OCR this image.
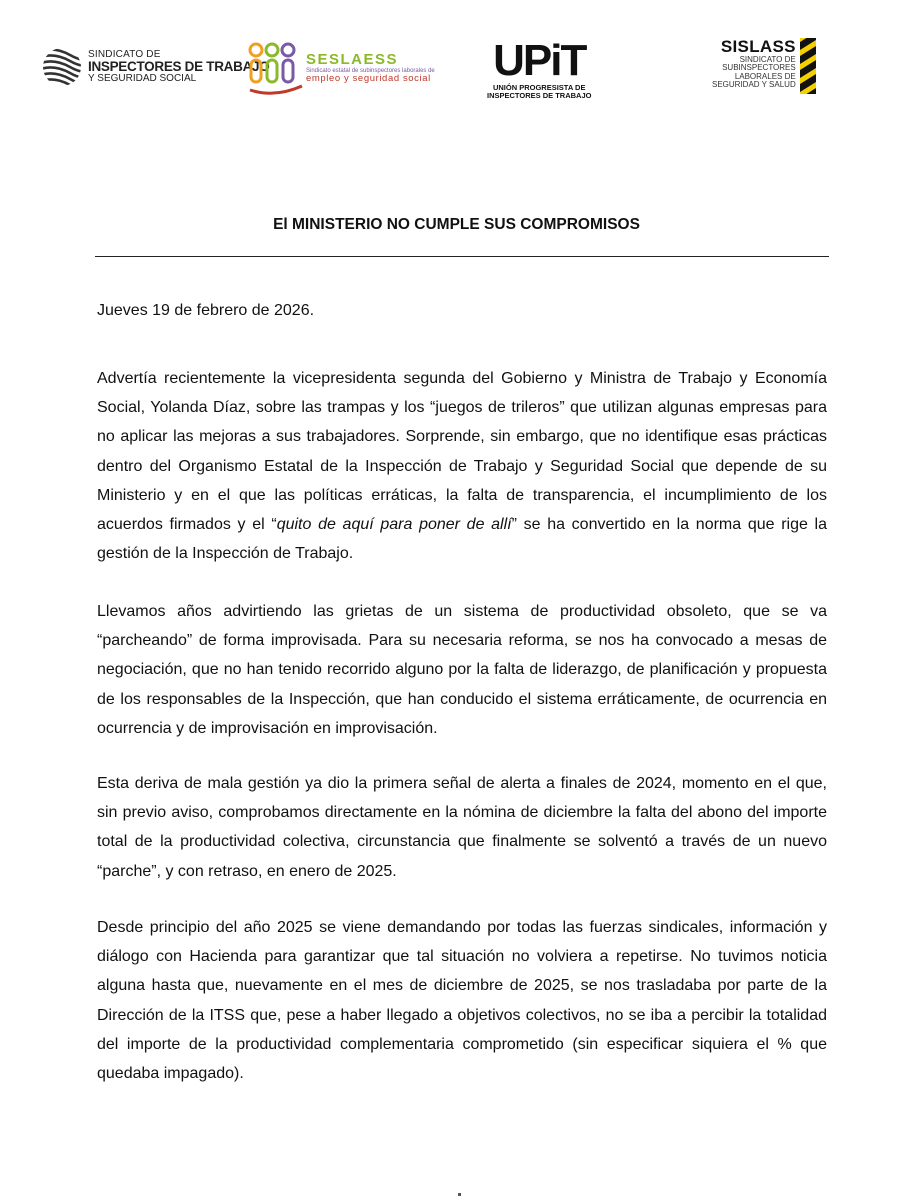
SINDICATO DE
INSPECTORES DE TRABAJO
Y SEGURIDAD SOCIAL
SESLAESS
Sindicato estatal de subinspectores laborales de
empleo y seguridad social UPiT
UNIÓN PROGRESISTA DE
INSPECTORES DE TRABAJO
SISLASS
SINDICATO DE
SUBINSPECTORES
LABORALES DE
SEGURIDAD Y SALUD
El MINISTERIO NO CUMPLE SUS COMPROMISOS

Jueves 19 de febrero de 2026.

Advertía recientemente la vicepresidenta segunda del Gobierno y Ministra de Trabajo y Economía Social, Yolanda Díaz, sobre las trampas y los “juegos de trileros” que utilizan algunas empresas para no aplicar las mejoras a sus trabajadores. Sorprende, sin embargo, que no identifique esas prácticas dentro del Organismo Estatal de la Inspección de Trabajo y Seguridad Social que depende de su Ministerio y en el que las políticas erráticas, la falta de transparencia, el incumplimiento de los acuerdos firmados y el “quito de aquí para poner de allí” se ha convertido en la norma que rige la gestión de la Inspección de Trabajo.

Llevamos años advirtiendo las grietas de un sistema de productividad obsoleto, que se va “parcheando” de forma improvisada. Para su necesaria reforma, se nos ha convocado a mesas de negociación, que no han tenido recorrido alguno por la falta de liderazgo, de planificación y propuesta de los responsables de la Inspección, que han conducido el sistema erráticamente, de ocurrencia en ocurrencia y de improvisación en improvisación.

Esta deriva de mala gestión ya dio la primera señal de alerta a finales de 2024, momento en el que, sin previo aviso, comprobamos directamente en la nómina de diciembre la falta del abono del importe total de la productividad colectiva, circunstancia que finalmente se solventó a través de un nuevo “parche”, y con retraso, en enero de 2025.

Desde principio del año 2025 se viene demandando por todas las fuerzas sindicales, información y diálogo con Hacienda para garantizar que tal situación no volviera a repetirse. No tuvimos noticia alguna hasta que, nuevamente en el mes de diciembre de 2025, se nos trasladaba por parte de la Dirección de la ITSS que, pese a haber llegado a objetivos colectivos, no se iba a percibir la totalidad del importe de la productividad complementaria comprometido (sin especificar siquiera el % que quedaba impagado).
